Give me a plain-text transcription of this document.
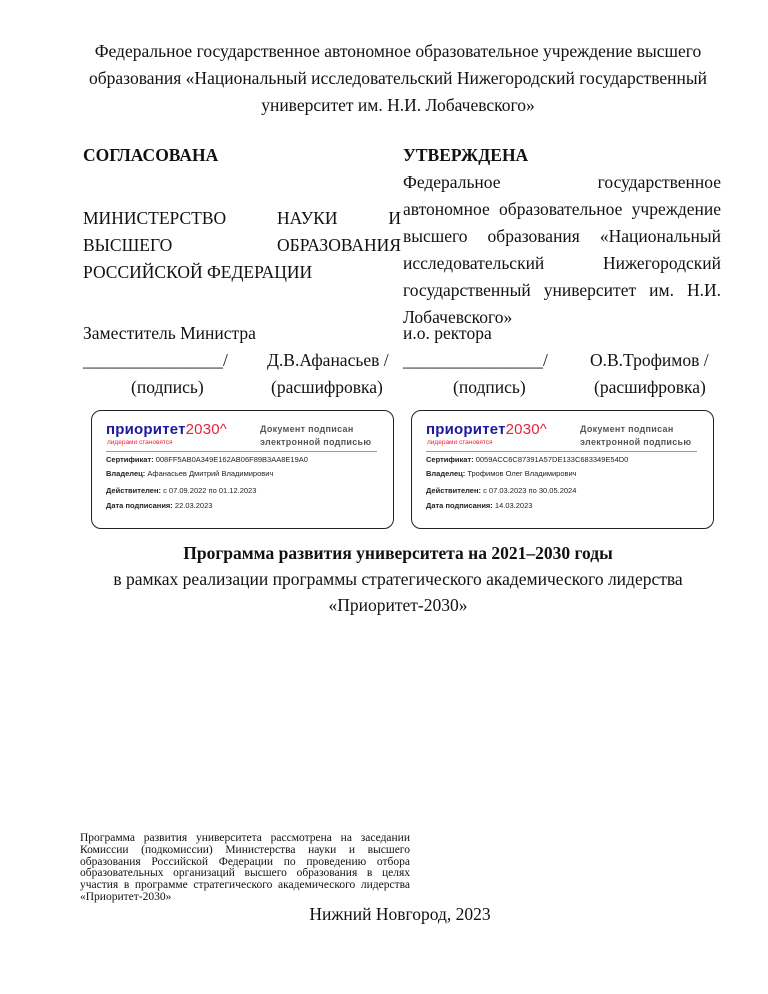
Федеральное государственное автономное образовательное учреждение высшего образования «Национальный исследовательский Нижегородский государственный университет им. Н.И. Лобачевского»
СОГЛАСОВАНА
МИНИСТЕРСТВО	НАУКИ	И
ВЫСШЕГО	ОБРАЗОВАНИЯ
РОССИЙСКОЙ ФЕДЕРАЦИИ
Заместитель Министра
________________/ Д.В.Афанасьев /
(подпись)	(расшифровка)
УТВЕРЖДЕНА
Федеральное	государственное
автономное образовательное учреждение высшего образования «Национальный исследовательский Нижегородский государственный университет им. Н.И. Лобачевского»
и.о. ректора
________________/ О.В.Трофимов /
(подпись)	(расшифровка)
приоритет2030^
лидерами становятся
Документ подписан
электронной подписью
Сертификат: 008FF5AB0A349E162AB06F89B3AA8E19A0
Владелец: Афанасьев Дмитрий Владимирович
Действителен: с 07.09.2022 по 01.12.2023
Дата подписания: 22.03.2023
приоритет2030^
лидерами становятся
Документ подписан
электронной подписью
Сертификат: 0059ACC6C87391A57DE133C683349E54D0
Владелец: Трофимов Олег Владимирович
Действителен: с 07.03.2023 по 30.05.2024
Дата подписания: 14.03.2023
Программа развития университета на 2021–2030 годы
в рамках реализации программы стратегического академического лидерства
«Приоритет-2030»
Программа развития университета рассмотрена на заседании Комиссии (подкомиссии) Министерства науки и высшего образования Российской Федерации по проведению отбора образовательных организаций высшего образования в целях участия в программе стратегического академического лидерства «Приоритет-2030»
Нижний Новгород, 2023
